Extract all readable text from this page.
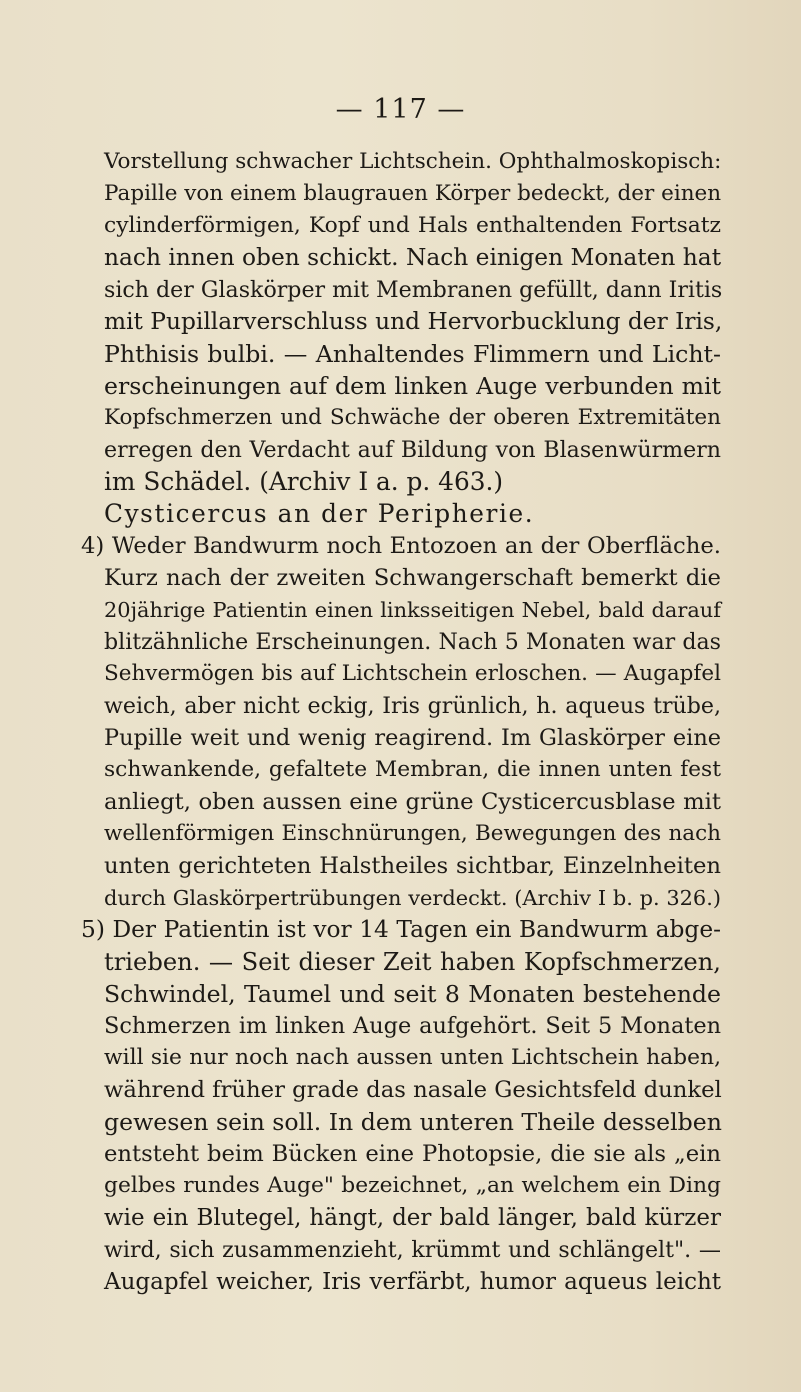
— 117 —
Vorstellung schwacher Lichtschein. Ophthalmoskopisch:
Papille von einem blaugrauen Körper bedeckt, der einen
cylinderförmigen, Kopf und Hals enthaltenden Fortsatz
nach innen oben schickt. Nach einigen Monaten hat
sich der Glaskörper mit Membranen gefüllt, dann Iritis
mit Pupillarverschluss und Hervorbucklung der Iris,
Phthisis bulbi. — Anhaltendes Flimmern und Licht-
erscheinungen auf dem linken Auge verbunden mit
Kopfschmerzen und Schwäche der oberen Extremitäten
erregen den Verdacht auf Bildung von Blasenwürmern
im Schädel. (Archiv I a. p. 463.)
Cysticercus an der Peripherie.
4) Weder Bandwurm noch Entozoen an der Oberfläche.
Kurz nach der zweiten Schwangerschaft bemerkt die
20jährige Patientin einen linksseitigen Nebel, bald darauf
blitzähnliche Erscheinungen. Nach 5 Monaten war das
Sehvermögen bis auf Lichtschein erloschen. — Augapfel
weich, aber nicht eckig, Iris grünlich, h. aqueus trübe,
Pupille weit und wenig reagirend. Im Glaskörper eine
schwankende, gefaltete Membran, die innen unten fest
anliegt, oben aussen eine grüne Cysticercusblase mit
wellenförmigen Einschnürungen, Bewegungen des nach
unten gerichteten Halstheiles sichtbar, Einzelnheiten
durch Glaskörpertrübungen verdeckt. (Archiv I b. p. 326.)
5) Der Patientin ist vor 14 Tagen ein Bandwurm abge-
trieben. — Seit dieser Zeit haben Kopfschmerzen,
Schwindel, Taumel und seit 8 Monaten bestehende
Schmerzen im linken Auge aufgehört. Seit 5 Monaten
will sie nur noch nach aussen unten Lichtschein haben,
während früher grade das nasale Gesichtsfeld dunkel
gewesen sein soll. In dem unteren Theile desselben
entsteht beim Bücken eine Photopsie, die sie als „ein
gelbes rundes Auge" bezeichnet, „an welchem ein Ding
wie ein Blutegel, hängt, der bald länger, bald kürzer
wird, sich zusammenzieht, krümmt und schlängelt". —
Augapfel weicher, Iris verfärbt, humor aqueus leicht
